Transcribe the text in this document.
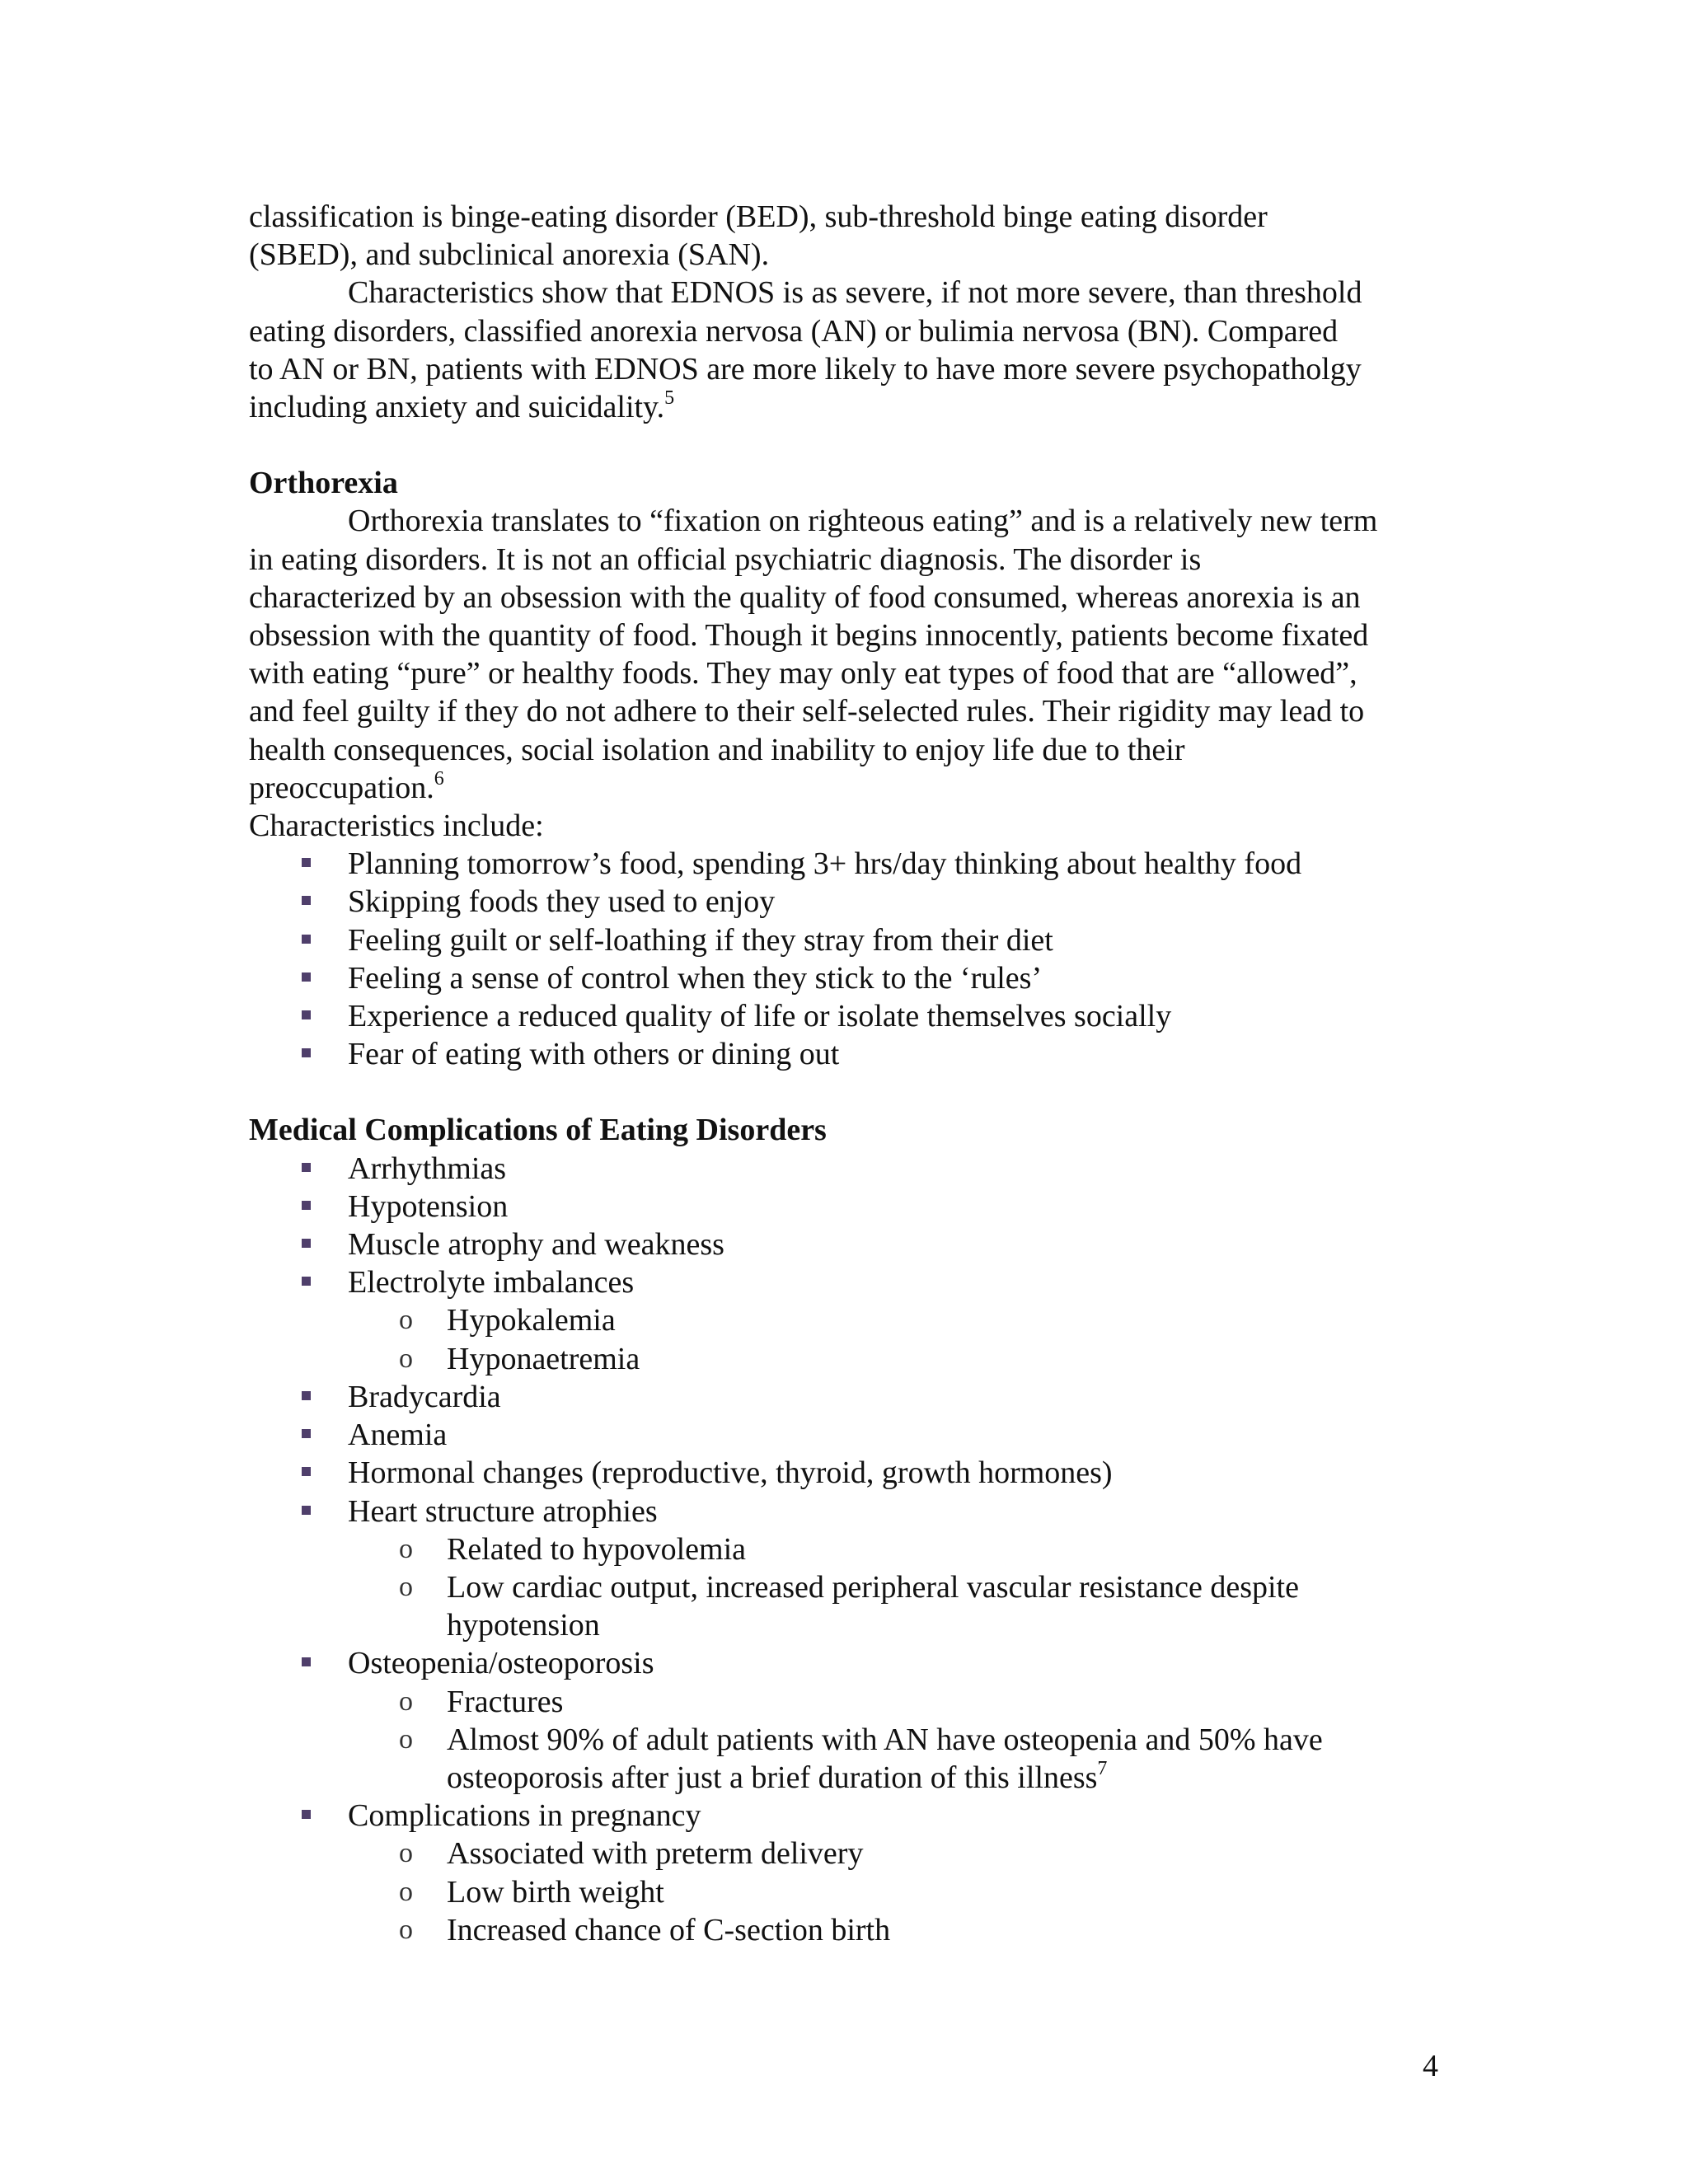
classification is binge-eating disorder (BED), sub-threshold binge eating disorder

(SBED), and subclinical anorexia (SAN).

Characteristics show that EDNOS is as severe, if not more severe, than threshold

eating disorders, classified anorexia nervosa (AN) or bulimia nervosa (BN). Compared

to AN or BN, patients with EDNOS are more likely to have more severe psychopatholgy

including anxiety and suicidality.$^5$

Orthorexia

Orthorexia translates to “fixation on righteous eating” and is a relatively new term

in eating disorders. It is not an official psychiatric diagnosis. The disorder is

characterized by an obsession with the quality of food consumed, whereas anorexia is an

obsession with the quantity of food. Though it begins innocently, patients become fixated

with eating “pure” or healthy foods. They may only eat types of food that are “allowed”,

and feel guilty if they do not adhere to their self-selected rules. Their rigidity may lead to

health consequences, social isolation and inability to enjoy life due to their

preoccupation.$^6$

Characteristics include:

Planning tomorrow’s food, spending 3+ hrs/day thinking about healthy food
Skipping foods they used to enjoy
Feeling guilt or self-loathing if they stray from their diet
Feeling a sense of control when they stick to the ‘rules’
Experience a reduced quality of life or isolate themselves socially
Fear of eating with others or dining out
Medical Complications of Eating Disorders
Arrhythmias
Hypotension
Muscle atrophy and weakness
Electrolyte imbalances
o Hypokalemia
o Hyponaetremia
Bradycardia
Anemia
Hormonal changes (reproductive, thyroid, growth hormones)
Heart structure atrophies
o Related to hypovolemia
o Low cardiac output, increased peripheral vascular resistance despite hypotension
Osteopenia/osteoporosis
o Fractures
o Almost 90% of adult patients with AN have osteopenia and 50% have osteoporosis after just a brief duration of this illness$^7$
Complications in pregnancy
o Associated with preterm delivery
o Low birth weight
o Increased chance of C-section birth
4
